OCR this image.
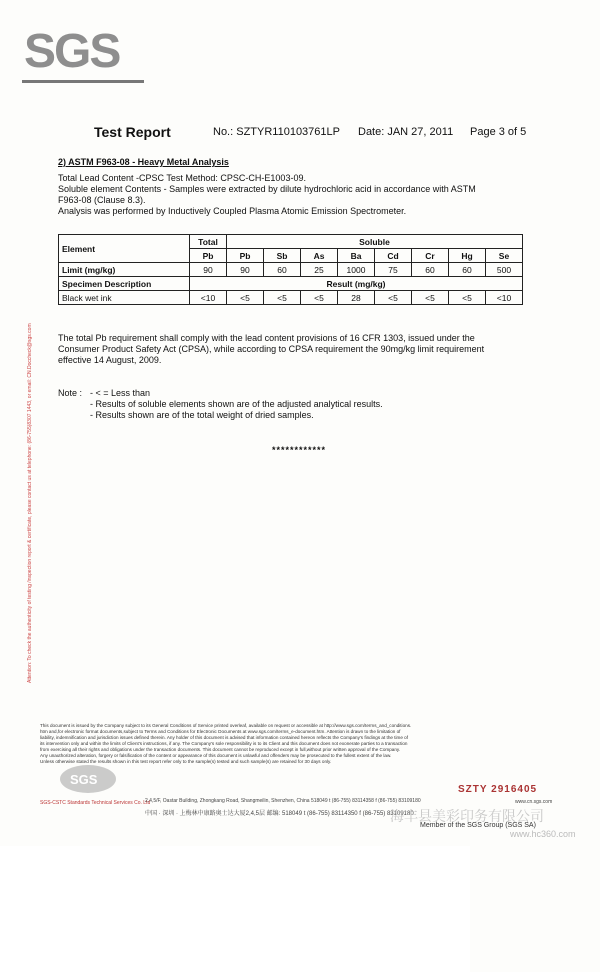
SGS
Attention: To check the authenticity of testing /inspection report & certificate, please contact us at telephone: (86-755)8307 1443, or email: CN.Doccheck@sgs.com
Test Report	No.: SZTYR110103761LP Date: JAN 27, 2011 Page 3 of 5
2) ASTM F963-08 - Heavy Metal Analysis
Total Lead Content -CPSC Test Method: CPSC-CH-E1003-09.
Soluble element Contents - Samples were extracted by dilute hydrochloric acid in accordance with ASTM
F963-08 (Clause 8.3).
Analysis was performed by Inductively Coupled Plasma Atomic Emission Spectrometer.
Element	Total	Soluble							
	Pb	Pb	Sb	As	Ba	Cd	Cr	Hg	Se
Limit (mg/kg)	90	90	60	25	1000	75	60	60	500
Specimen Description	Result (mg/kg)								
Black wet ink	<10	<5	<5	<5	28	<5	<5	<5	<10
The total Pb requirement shall comply with the lead content provisions of 16 CFR 1303, issued under the
Consumer Product Safety Act (CPSA), while according to CPSA requirement the 90mg/kg limit requirement
effective 14 August, 2009.
Note : - < = Less than
- Results of soluble elements shown are of the adjusted analytical results.
- Results shown are of the total weight of dried samples.
************
This document is issued by the Company subject to its General Conditions of Service printed overleaf, available on request or accessible at http://www.sgs.com/terms_and_conditions.
htm and,for electronic format documents,subject to Terms and Conditions for Electronic Documents at www.sgs.com/terms_e-document.htm. Attention is drawn to the limitation of
liability, indemnification and jurisdiction issues defined therein. Any holder of this document is advised that information contained hereon reflects the Company's findings at the time of
its intervention only and within the limits of Client's instructions, if any. The Company's sole responsibility is to its Client and this document does not exonerate parties to a transaction
from exercising all their rights and obligations under the transaction documents. This document cannot be reproduced except in full,without prior written approval of the Company.
Any unauthorized alteration, forgery or falsification of the content or appearance of this document is unlawful and offenders may be prosecuted to the fullest extent of the law.
Unless otherwise stated the results shown in this test report refer only to the sample(s) tested and such sample(s) are retained for 30 days only.
SGS
SGS-CSTC Standards Technical Services Co. Ltd
SZTY 2916405
2,4,5/F, Oastar Building, Zhongkang Road, Shangmeilin, Shenzhen, China 518049 t (86-755) 83114358 f (86-755) 83109180
中国 · 深圳 · 上梅林中康路奥士达大厦2,4,5层 邮编: 518049 t (86-755) 83114350 f (86-755) 83109180
www.cn.sgs.com
Member of the SGS Group (SGS SA)
海丰县美彩印务有限公司
www.hc360.com
